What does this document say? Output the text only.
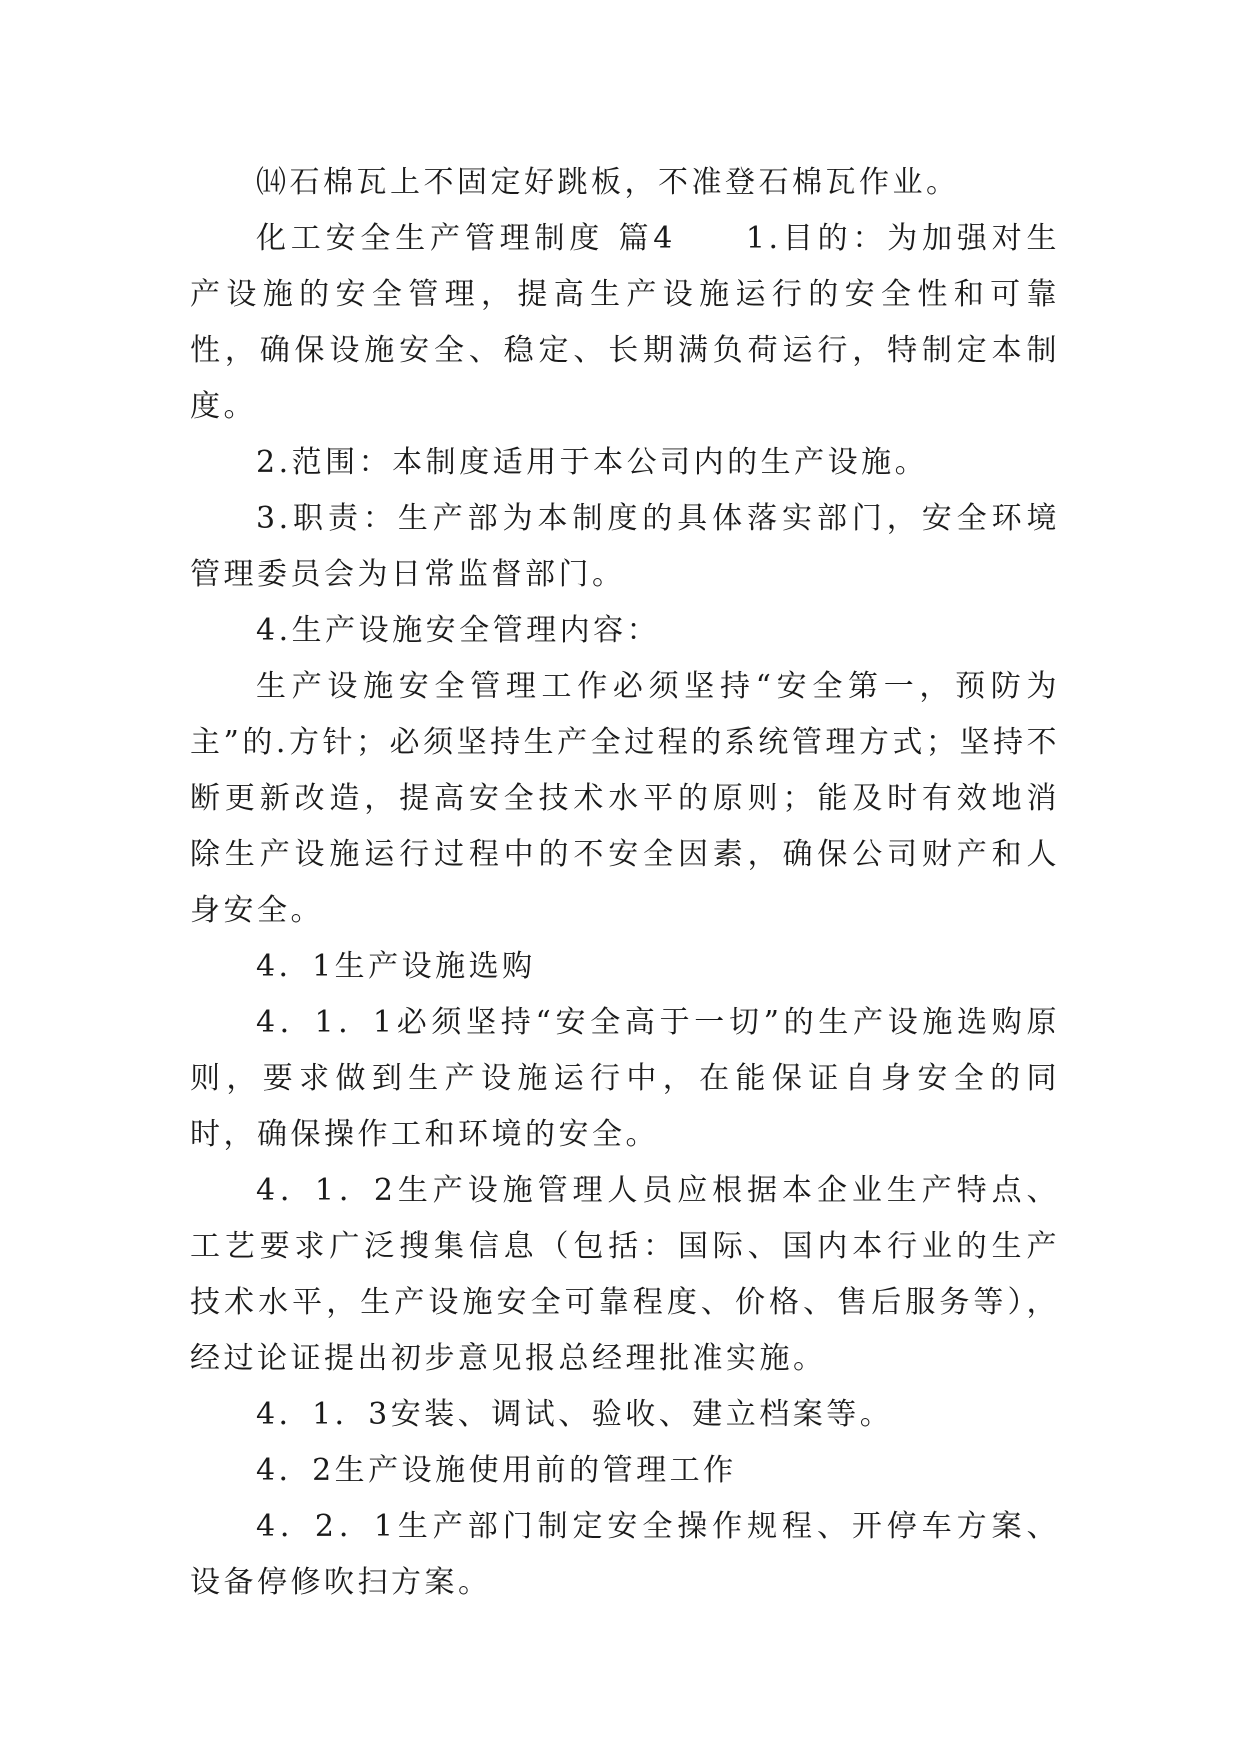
⒁石棉瓦上不固定好跳板，不准登石棉瓦作业。

化工安全生产管理制度 篇4 1.目的：为加强对生产设施的安全管理，提高生产设施运行的安全性和可靠性，确保设施安全、稳定、长期满负荷运行，特制定本制度。

2.范围：本制度适用于本公司内的生产设施。

3.职责：生产部为本制度的具体落实部门，安全环境管理委员会为日常监督部门。

4.生产设施安全管理内容：

生产设施安全管理工作必须坚持“安全第一，预防为主”的.方针；必须坚持生产全过程的系统管理方式；坚持不断更新改造，提高安全技术水平的原则；能及时有效地消除生产设施运行过程中的不安全因素，确保公司财产和人身安全。

4．1生产设施选购

4．1．1必须坚持“安全高于一切”的生产设施选购原则，要求做到生产设施运行中，在能保证自身安全的同时，确保操作工和环境的安全。

4．1．2生产设施管理人员应根据本企业生产特点、工艺要求广泛搜集信息（包括：国际、国内本行业的生产技术水平，生产设施安全可靠程度、价格、售后服务等），经过论证提出初步意见报总经理批准实施。

4．1．3安装、调试、验收、建立档案等。

4．2生产设施使用前的管理工作

4．2．1生产部门制定安全操作规程、开停车方案、设备停修吹扫方案。
